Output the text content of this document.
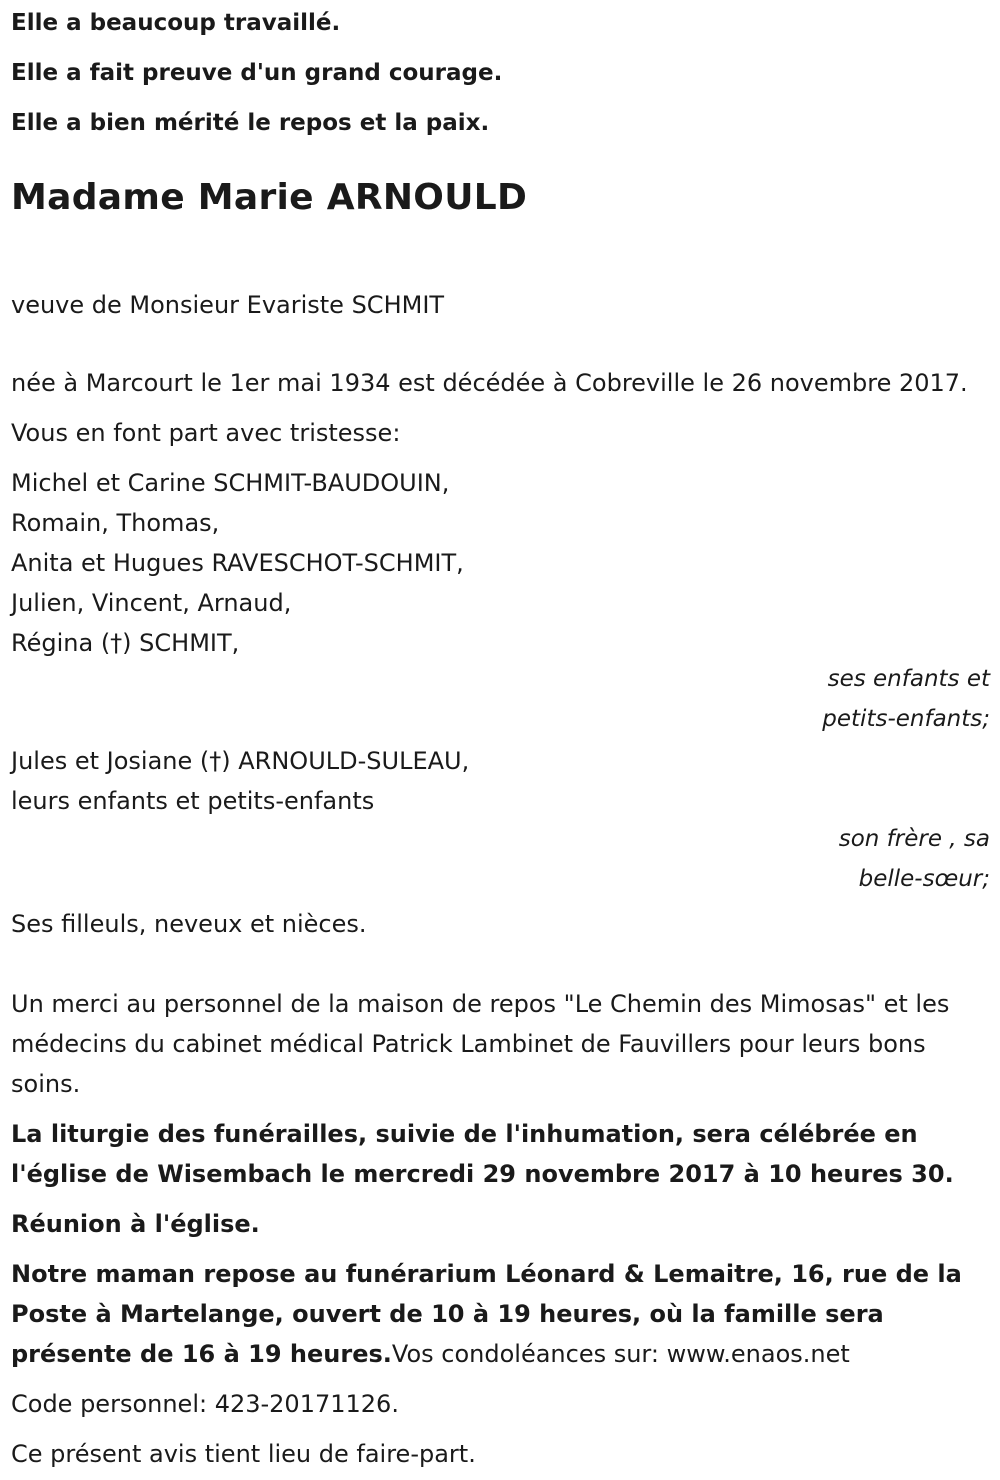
Elle a beaucoup travaillé.
Elle a fait preuve d'un grand courage.
Elle a bien mérité le repos et la paix.
Madame Marie ARNOULD

veuve de Monsieur Evariste SCHMIT

née à Marcourt le 1er mai 1934 est décédée à Cobreville le 26 novembre 2017.

Vous en font part avec tristesse:

Michel et Carine SCHMIT-BAUDOUIN,
Romain, Thomas,
Anita et Hugues RAVESCHOT-SCHMIT,
Julien, Vincent, Arnaud,
Régina (†) SCHMIT,
ses enfants et
petits-enfants;
Jules et Josiane (†) ARNOULD-SULEAU,
leurs enfants et petits-enfants
son frère , sa
belle-sœur;

Ses filleuls, neveux et nièces.

Un merci au personnel de la maison de repos "Le Chemin des Mimosas" et les médecins du cabinet médical Patrick Lambinet de Fauvillers pour leurs bons soins.

La liturgie des funérailles, suivie de l'inhumation, sera célébrée en l'église de Wisembach le mercredi 29 novembre 2017 à 10 heures 30.

Réunion à l'église.

Notre maman repose au funérarium Léonard & Lemaitre, 16, rue de la Poste à Martelange, ouvert de 10 à 19 heures, où la famille sera présente de 16 à 19 heures.Vos condoléances sur: www.enaos.net

Code personnel: 423-20171126.

Ce présent avis tient lieu de faire-part.
